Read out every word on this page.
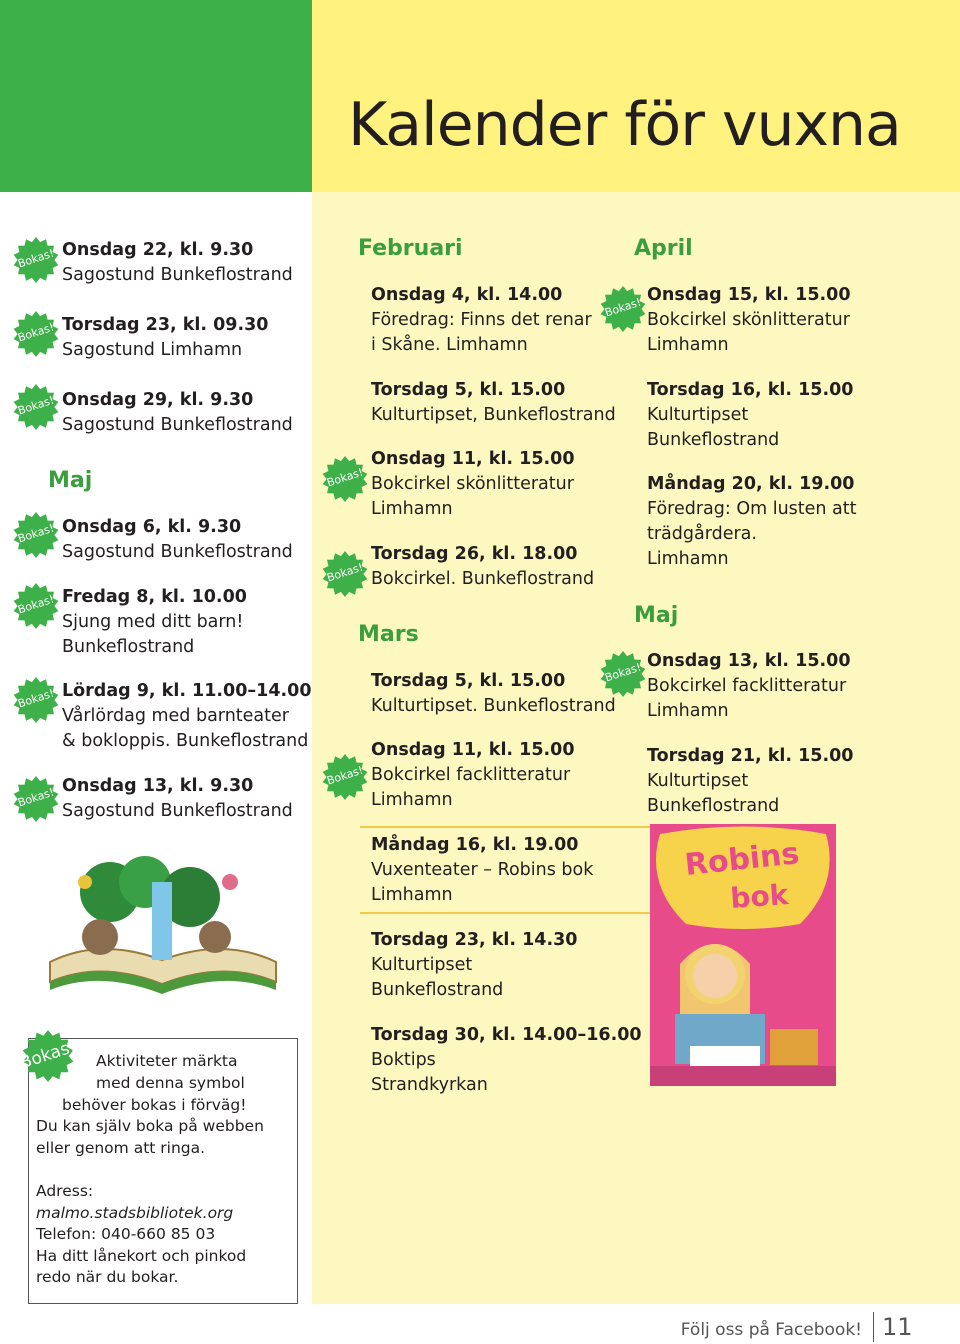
Kalender för vuxna
Onsdag 22, kl. 9.30
Sagostund Bunkeflostrand
Torsdag 23, kl. 09.30
Sagostund Limhamn
Onsdag 29, kl. 9.30
Sagostund Bunkeflostrand
Maj
Onsdag 6, kl. 9.30
Sagostund Bunkeflostrand
Fredag 8, kl. 10.00
Sjung med ditt barn!
Bunkeflostrand
Lördag 9, kl. 11.00–14.00
Vårlördag med barnteater
& bokloppis. Bunkeflostrand
Onsdag 13, kl. 9.30
Sagostund Bunkeflostrand
Bokas!
Bokas!
Bokas!
Bokas!
Bokas!
Bokas!
Bokas!
Februari
Onsdag 4, kl. 14.00
Föredrag: Finns det renar
i Skåne. Limhamn
Torsdag 5, kl. 15.00
Kulturtipset, Bunkeflostrand
Onsdag 11, kl. 15.00
Bokcirkel skönlitteratur
Limhamn
Torsdag 26, kl. 18.00
Bokcirkel. Bunkeflostrand
Mars
Torsdag 5, kl. 15.00
Kulturtipset. Bunkeflostrand
Onsdag 11, kl. 15.00
Bokcirkel facklitteratur
Limhamn
Måndag 16, kl. 19.00
Vuxenteater – Robins bok
Limhamn
Torsdag 23, kl. 14.30
Kulturtipset
Bunkeflostrand
Torsdag 30, kl. 14.00–16.00
Boktips
Strandkyrkan
Bokas!
Bokas!
Bokas!
April
Onsdag 15, kl. 15.00
Bokcirkel skönlitteratur
Limhamn
Torsdag 16, kl. 15.00
Kulturtipset
Bunkeflostrand
Måndag 20, kl. 19.00
Föredrag: Om lusten att
trädgårdera.
Limhamn
Maj
Onsdag 13, kl. 15.00
Bokcirkel facklitteratur
Limhamn
Torsdag 21, kl. 15.00
Kulturtipset
Bunkeflostrand
Bokas!
Bokas!
Robins
bok
Bokas!	Aktiviteter märkta
med denna symbol
behöver bokas i förväg!
Du kan själv boka på webben
eller genom att ringa.
Adress:
malmo.stadsbibliotek.org
Telefon: 040-660 85 03
Ha ditt lånekort och pinkod
redo när du bokar.
Följ oss på Facebook! 11
